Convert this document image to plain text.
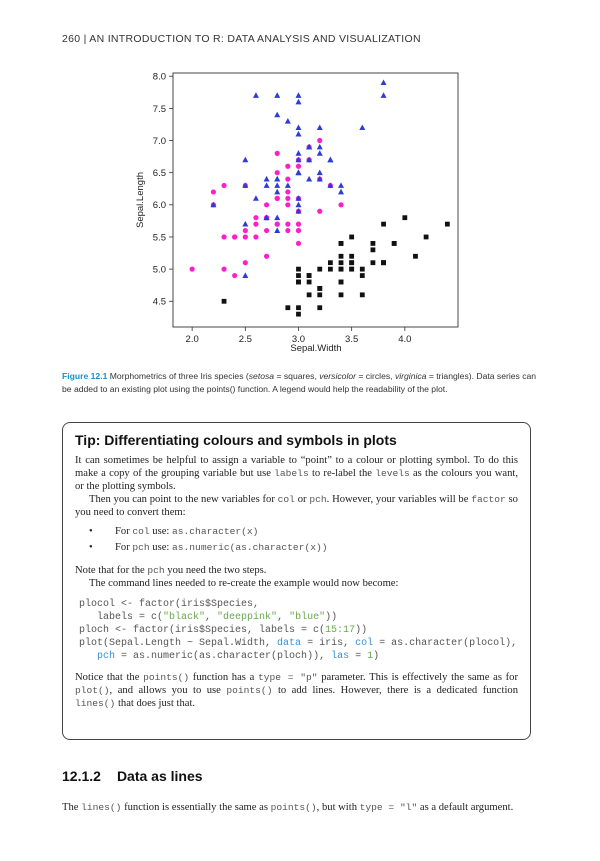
260 | AN INTRODUCTION TO R: DATA ANALYSIS AND VISUALIZATION
2.0	2.5	3.0	3.5	4.0
4.5
5.0
5.5
6.0
6.5
7.0
7.5
8.0
Sepal.Width
Sepal.Length
Figure 12.1 Morphometrics of three Iris species (setosa = squares, versicolor = circles, virginica = triangles). Data series can be added to an existing plot using the points() function. A legend would help the readability of the plot.
Tip: Differentiating colours and symbols in plots

It can sometimes be helpful to assign a variable to “point” to a colour or plotting symbol. To do this make a copy of the grouping variable but use labels to re-label the levels as the colours you want, or the plotting symbols.

Then you can point to the new variables for col or pch. However, your variables will be factor so you need to convert them:

• For col use: as.character(x)
• For pch use: as.numeric(as.character(x))

Note that for the pch you need the two steps.

The command lines needed to re-create the example would now become:

plocol <- factor(iris$Species,
labels = c("black", "deeppink", "blue"))
ploch <- factor(iris$Species, labels = c(15:17))
plot(Sepal.Length ~ Sepal.Width, data = iris, col = as.character(plocol),
pch = as.numeric(as.character(ploch)), las = 1)

Notice that the points() function has a type = "p" parameter. This is effectively the same as for plot(), and allows you to use points() to add lines. However, there is a dedicated function lines() that does just that.

12.1.2 Data as lines

The lines() function is essentially the same as points(), but with type = "l" as a default argument.
